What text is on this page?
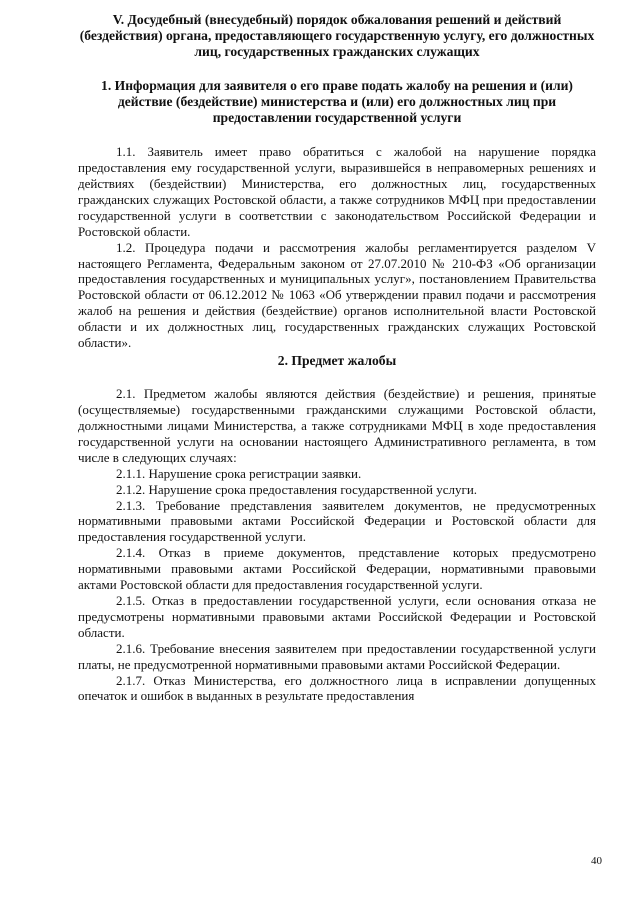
V. Досудебный (внесудебный) порядок обжалования решений и действий (бездействия) органа, предоставляющего государственную услугу, его должностных лиц, государственных гражданских служащих

1. Информация для заявителя о его праве подать жалобу на решения и (или) действие (бездействие) министерства и (или) его должностных лиц при предоставлении государственной услуги

1.1. Заявитель имеет право обратиться с жалобой на нарушение порядка предоставления ему государственной услуги, выразившейся в неправомерных решениях и действиях (бездействии) Министерства, его должностных лиц, государственных гражданских служащих Ростовской области, а также сотрудников МФЦ при предоставлении государственной услуги в соответствии с законодательством Российской Федерации и Ростовской области.

1.2. Процедура подачи и рассмотрения жалобы регламентируется разделом V настоящего Регламента, Федеральным законом от 27.07.2010 № 210-ФЗ «Об организации предоставления государственных и муниципальных услуг», постановлением Правительства Ростовской области от 06.12.2012 № 1063 «Об утверждении правил подачи и рассмотрения жалоб на решения и действия (бездействие) органов исполнительной власти Ростовской области и их должностных лиц, государственных гражданских служащих Ростовской области».

2. Предмет жалобы

2.1. Предметом жалобы являются действия (бездействие) и решения, принятые (осуществляемые) государственными гражданскими служащими Ростовской области, должностными лицами Министерства, а также сотрудниками МФЦ в ходе предоставления государственной услуги на основании настоящего Административного регламента, в том числе в следующих случаях:

2.1.1. Нарушение срока регистрации заявки.

2.1.2. Нарушение срока предоставления государственной услуги.

2.1.3. Требование представления заявителем документов, не предусмотренных нормативными правовыми актами Российской Федерации и Ростовской области для предоставления государственной услуги.

2.1.4. Отказ в приеме документов, представление которых предусмотрено нормативными правовыми актами Российской Федерации, нормативными правовыми актами Ростовской области для предоставления государственной услуги.

2.1.5. Отказ в предоставлении государственной услуги, если основания отказа не предусмотрены нормативными правовыми актами Российской Федерации и Ростовской области.

2.1.6. Требование внесения заявителем при предоставлении государственной услуги платы, не предусмотренной нормативными правовыми актами Российской Федерации.

2.1.7. Отказ Министерства, его должностного лица в исправлении допущенных опечаток и ошибок в выданных в результате предоставления

40
